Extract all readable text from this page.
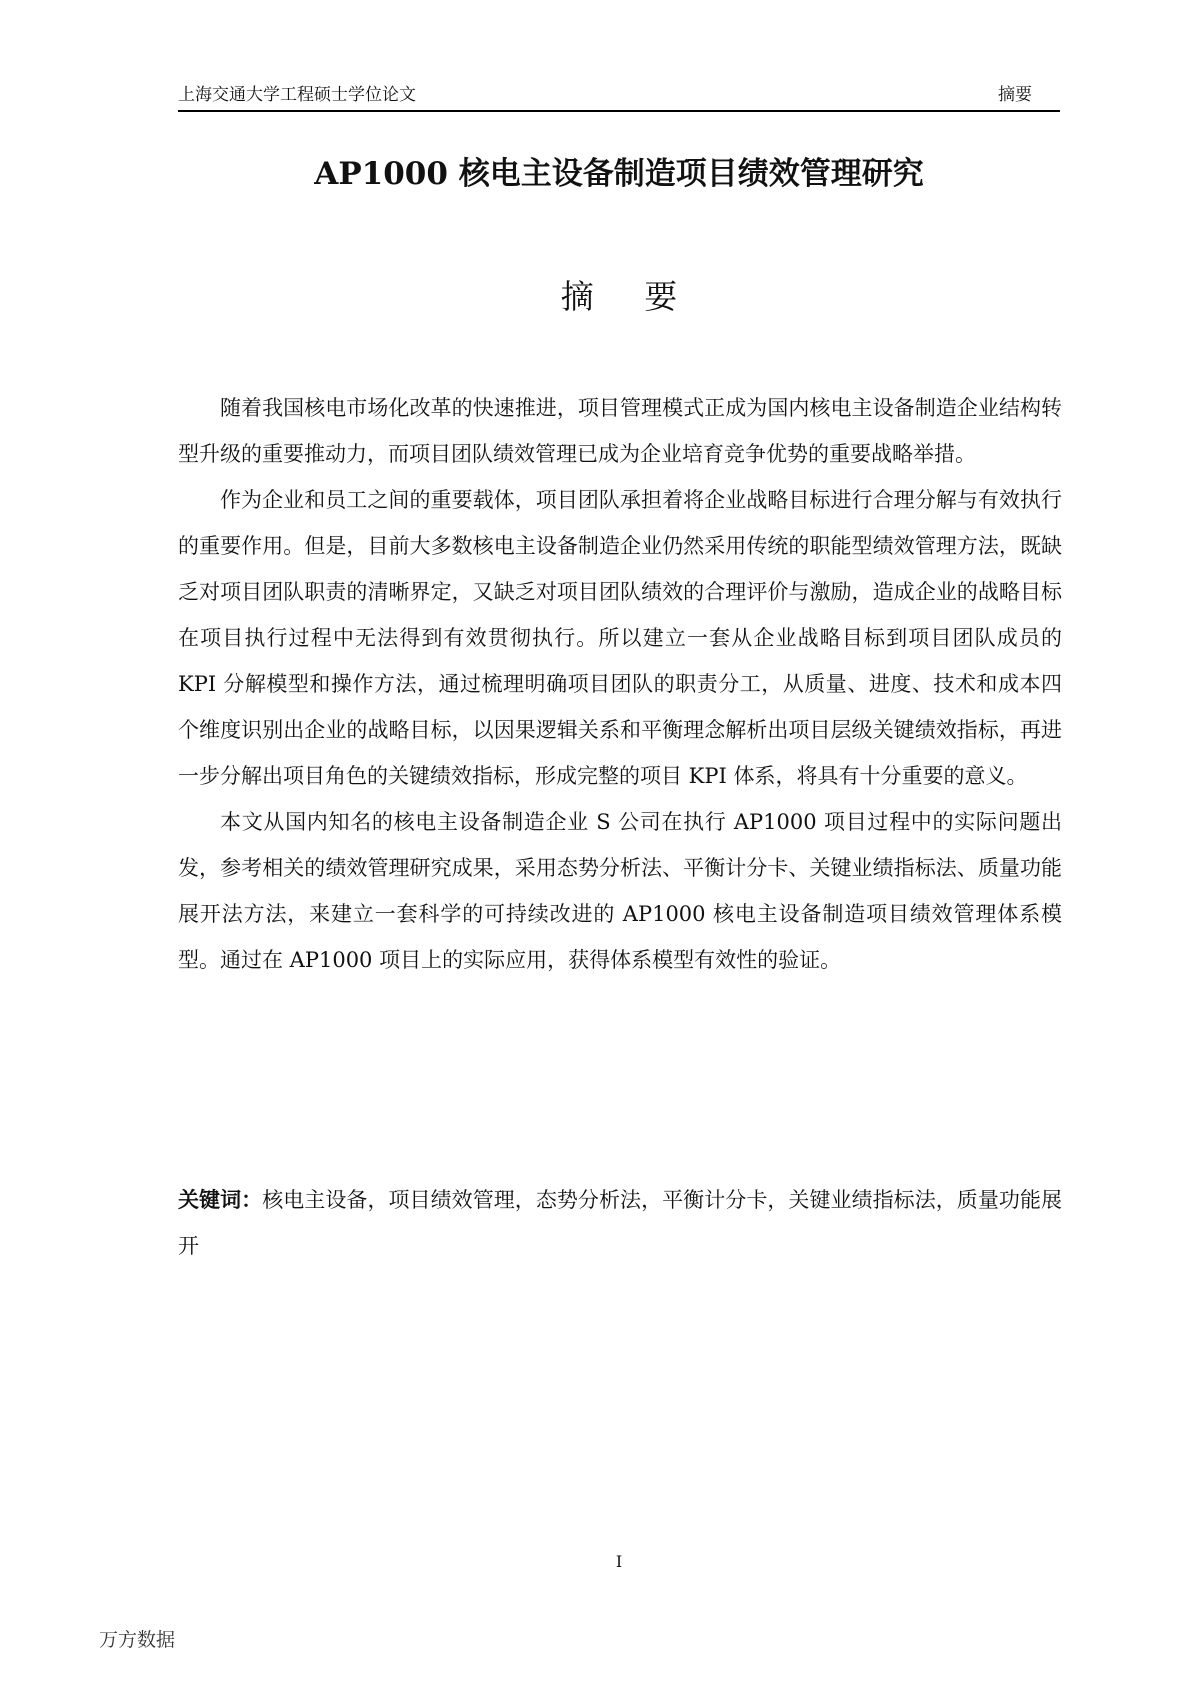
上海交通大学工程硕士学位论文	摘要
AP1000 核电主设备制造项目绩效管理研究
摘 要

随着我国核电市场化改革的快速推进，项目管理模式正成为国内核电主设备制造企业结构转型升级的重要推动力，而项目团队绩效管理已成为企业培育竞争优势的重要战略举措。

作为企业和员工之间的重要载体，项目团队承担着将企业战略目标进行合理分解与有效执行的重要作用。但是，目前大多数核电主设备制造企业仍然采用传统的职能型绩效管理方法，既缺乏对项目团队职责的清晰界定，又缺乏对项目团队绩效的合理评价与激励，造成企业的战略目标在项目执行过程中无法得到有效贯彻执行。所以建立一套从企业战略目标到项目团队成员的 KPI 分解模型和操作方法，通过梳理明确项目团队的职责分工，从质量、进度、技术和成本四个维度识别出企业的战略目标，以因果逻辑关系和平衡理念解析出项目层级关键绩效指标，再进一步分解出项目角色的关键绩效指标，形成完整的项目 KPI 体系，将具有十分重要的意义。

本文从国内知名的核电主设备制造企业 S 公司在执行 AP1000 项目过程中的实际问题出发，参考相关的绩效管理研究成果，采用态势分析法、平衡计分卡、关键业绩指标法、质量功能展开法方法，来建立一套科学的可持续改进的 AP1000 核电主设备制造项目绩效管理体系模型。通过在 AP1000 项目上的实际应用，获得体系模型有效性的验证。

关键词：核电主设备，项目绩效管理，态势分析法，平衡计分卡，关键业绩指标法，质量功能展开

I
万方数据
